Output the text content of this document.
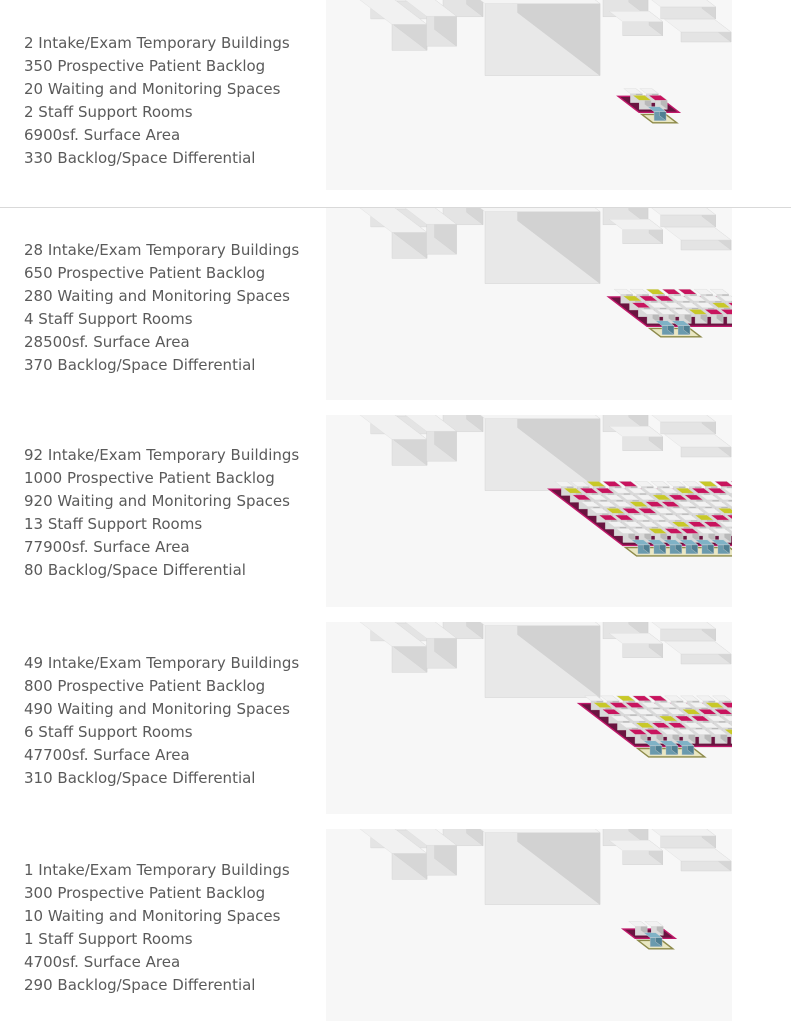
2 Intake/Exam Temporary Buildings
350 Prospective Patient Backlog
20 Waiting and Monitoring Spaces
2 Staff Support Rooms
6900sf. Surface Area
330 Backlog/Space Differential
28 Intake/Exam Temporary Buildings
650 Prospective Patient Backlog
280 Waiting and Monitoring Spaces
4 Staff Support Rooms
28500sf. Surface Area
370 Backlog/Space Differential
92 Intake/Exam Temporary Buildings
1000 Prospective Patient Backlog
920 Waiting and Monitoring Spaces
13 Staff Support Rooms
77900sf. Surface Area
80 Backlog/Space Differential
49 Intake/Exam Temporary Buildings
800 Prospective Patient Backlog
490 Waiting and Monitoring Spaces
6 Staff Support Rooms
47700sf. Surface Area
310 Backlog/Space Differential
1 Intake/Exam Temporary Buildings
300 Prospective Patient Backlog
10 Waiting and Monitoring Spaces
1 Staff Support Rooms
4700sf. Surface Area
290 Backlog/Space Differential
